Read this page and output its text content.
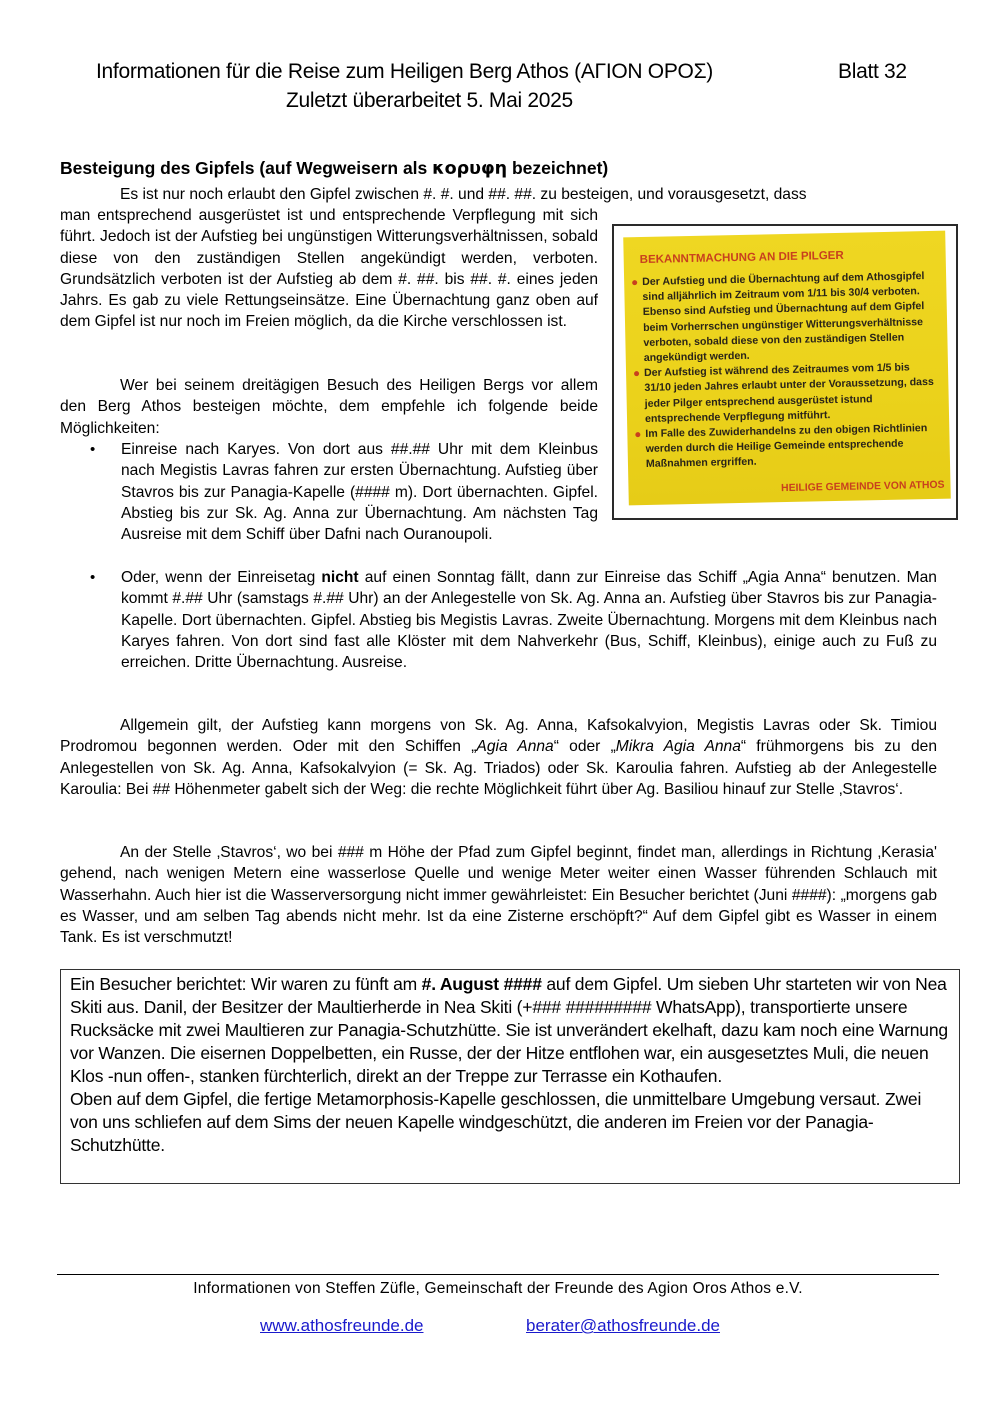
Informationen für die Reise zum Heiligen Berg Athos (ΑΓΙΟΝ ΟΡΟΣ)	Blatt 32
Zuletzt überarbeitet 5. Mai 2025
Besteigung des Gipfels (auf Wegweisern als κορυφη bezeichnet)
Es ist nur noch erlaubt den Gipfel zwischen #. #. und ##. ##. zu besteigen, und vorausgesetzt, dass
man entsprechend ausgerüstet ist und entsprechende Verpflegung mit sich führt. Jedoch ist der Aufstieg bei ungünstigen Witterungsverhältnissen, sobald diese von den zuständigen Stellen angekündigt werden, verboten. Grundsätzlich verboten ist der Aufstieg ab dem #. ##. bis ##. #. eines jeden Jahrs. Es gab zu viele Rettungseinsätze. Eine Übernachtung ganz oben auf dem Gipfel ist nur noch im Freien möglich, da die Kirche verschlossen ist.
BEKANNTMACHUNG AN DIE PILGER
Der Aufstieg und die Übernachtung auf dem Athosgipfel sind alljährlich im Zeitraum vom 1/11 bis 30/4 verboten. Ebenso sind Aufstieg und Übernachtung auf dem Gipfel beim Vorherrschen ungünstiger Witterungsverhältnisse verboten, sobald diese von den zuständigen Stellen angekündigt werden.
Der Aufstieg ist während des Zeitraumes vom 1/5 bis 31/10 jeden Jahres erlaubt unter der Voraussetzung, dass jeder Pilger entsprechend ausgerüstet istund entsprechende Verpflegung mitführt.
Im Falle des Zuwiderhandelns zu den obigen Richtlinien werden durch die Heilige Gemeinde entsprechende Maßnahmen ergriffen.
HEILIGE GEMEINDE VON ATHOS
Wer bei seinem dreitägigen Besuch des Heiligen Bergs vor allem den Berg Athos besteigen möchte, dem empfehle ich folgende beide Möglichkeiten:
• Einreise nach Karyes. Von dort aus ##.## Uhr mit dem Kleinbus nach Megistis Lavras fahren zur ersten Übernachtung. Aufstieg über Stavros bis zur Panagia-Kapelle (#### m). Dort übernachten. Gipfel. Abstieg bis zur Sk. Ag. Anna zur Übernachtung. Am nächsten Tag Ausreise mit dem Schiff über Dafni nach Ouranoupoli.
• Oder, wenn der Einreisetag nicht auf einen Sonntag fällt, dann zur Einreise das Schiff „Agia Anna“ benutzen. Man kommt #.## Uhr (samstags #.## Uhr) an der Anlegestelle von Sk. Ag. Anna an. Aufstieg über Stavros bis zur Panagia-Kapelle. Dort übernachten. Gipfel. Abstieg bis Megistis Lavras. Zweite Übernachtung. Morgens mit dem Kleinbus nach Karyes fahren. Von dort sind fast alle Klöster mit dem Nahverkehr (Bus, Schiff, Kleinbus), einige auch zu Fuß zu erreichen. Dritte Übernachtung. Ausreise.
Allgemein gilt, der Aufstieg kann morgens von Sk. Ag. Anna, Kafsokalvyion, Megistis Lavras oder Sk. Timiou Prodromou begonnen werden. Oder mit den Schiffen „Agia Anna“ oder „Mikra Agia Anna“ frühmorgens bis zu den Anlegestellen von Sk. Ag. Anna, Kafsokalvyion (= Sk. Ag. Triados) oder Sk. Karoulia fahren. Aufstieg ab der Anlegestelle Karoulia: Bei ## Höhenmeter gabelt sich der Weg: die rechte Möglichkeit führt über Ag. Basiliou hinauf zur Stelle ‚Stavros‘.
An der Stelle ‚Stavros‘, wo bei ### m Höhe der Pfad zum Gipfel beginnt, findet man, allerdings in Richtung ‚Kerasia' gehend, nach wenigen Metern eine wasserlose Quelle und wenige Meter weiter einen Wasser führenden Schlauch mit Wasserhahn. Auch hier ist die Wasserversorgung nicht immer gewährleistet: Ein Besucher berichtet (Juni ####): „morgens gab es Wasser, und am selben Tag abends nicht mehr. Ist da eine Zisterne erschöpft?“ Auf dem Gipfel gibt es Wasser in einem Tank. Es ist verschmutzt!
Ein Besucher berichtet: Wir waren zu fünft am #. August #### auf dem Gipfel. Um sieben Uhr starteten wir von Nea Skiti aus. Danil, der Besitzer der Maultierherde in Nea Skiti (+### ######### WhatsApp), transportierte unsere Rucksäcke mit zwei Maultieren zur Panagia-Schutzhütte. Sie ist unverändert ekelhaft, dazu kam noch eine Warnung vor Wanzen. Die eisernen Doppelbetten, ein Russe, der der Hitze entflohen war, ein ausgesetztes Muli, die neuen Klos -nun offen-, stanken fürchterlich, direkt an der Treppe zur Terrasse ein Kothaufen.
Oben auf dem Gipfel, die fertige Metamorphosis-Kapelle geschlossen, die unmittelbare Umgebung versaut. Zwei von uns schliefen auf dem Sims der neuen Kapelle windgeschützt, die anderen im Freien vor der Panagia-Schutzhütte.
Informationen von Steffen Züfle, Gemeinschaft der Freunde des Agion Oros Athos e.V.
www.athosfreunde.de	berater@athosfreunde.de
